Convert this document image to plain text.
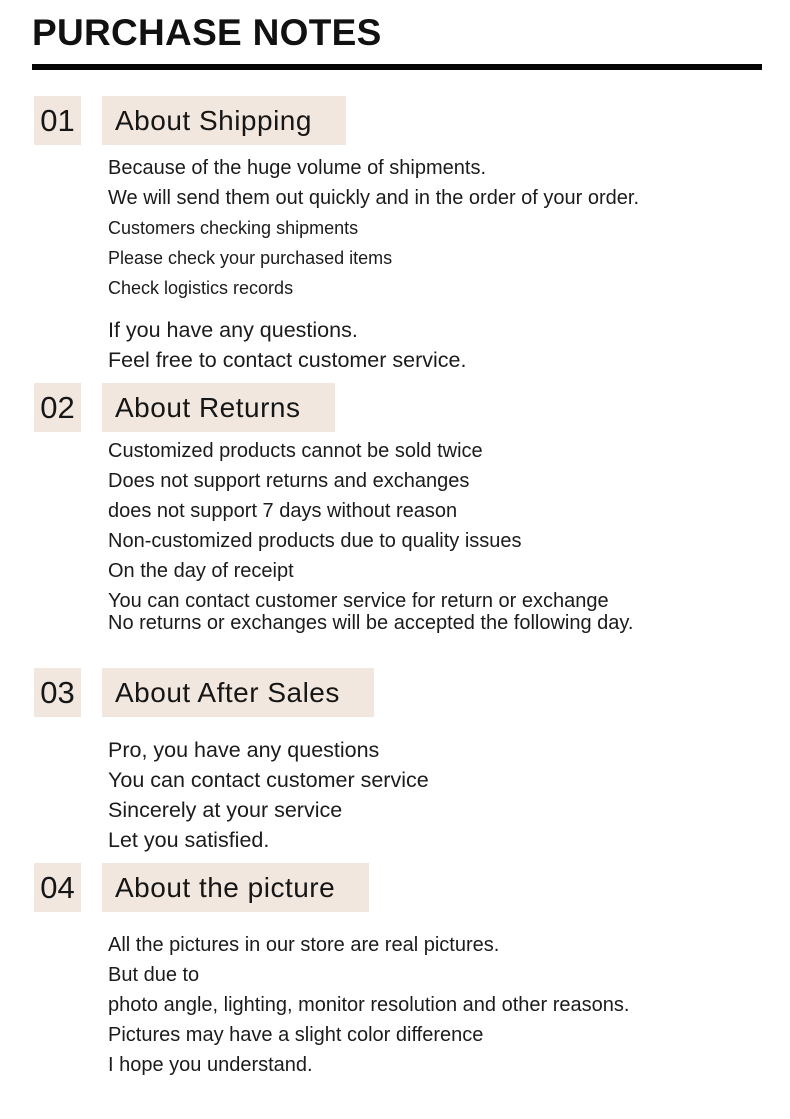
PURCHASE NOTES
01	About Shipping
Because of the huge volume of shipments.
We will send them out quickly and in the order of your order.
Customers checking shipments
Please check your purchased items
Check logistics records
If you have any questions.
Feel free to contact customer service.
02	About Returns
Customized products cannot be sold twice
Does not support returns and exchanges
does not support 7 days without reason
Non-customized products due to quality issues
On the day of receipt
You can contact customer service for return or exchange
No returns or exchanges will be accepted the following day.
03	About After Sales
Pro, you have any questions
You can contact customer service
Sincerely at your service
Let you satisfied.
04	About the picture
All the pictures in our store are real pictures.
But due to
photo angle, lighting, monitor resolution and other reasons.
Pictures may have a slight color difference
I hope you understand.
